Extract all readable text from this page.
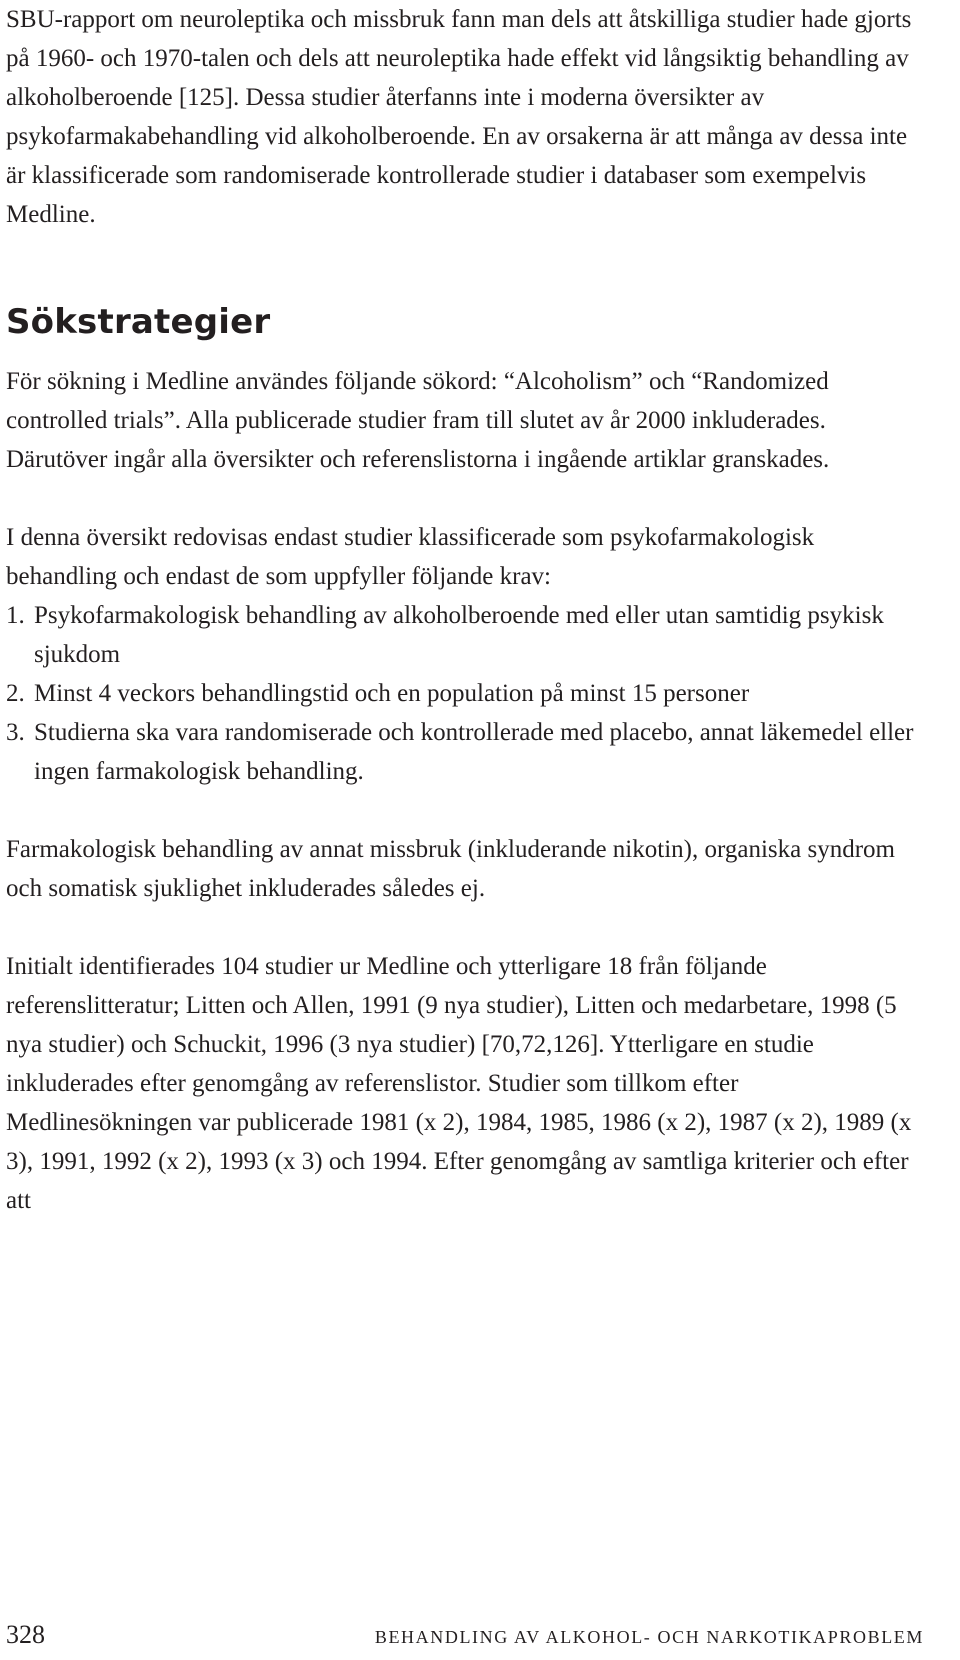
SBU-rapport om neuroleptika och missbruk fann man dels att åtskilliga studier hade gjorts på 1960- och 1970-talen och dels att neuroleptika hade effekt vid långsiktig behandling av alkoholberoende [125]. Dessa studier återfanns inte i moderna översikter av psykofarmakabehandling vid alkoholberoende. En av orsakerna är att många av dessa inte är klassificerade som randomiserade kontrollerade studier i databaser som exempelvis Medline.

Sökstrategier

För sökning i Medline användes följande sökord: “Alcoholism” och “Randomized controlled trials”. Alla publicerade studier fram till slutet av år 2000 inkluderades. Därutöver ingår alla översikter och referenslistorna i ingående artiklar granskades.

I denna översikt redovisas endast studier klassificerade som psykofarmakologisk behandling och endast de som uppfyller följande krav:

1. Psykofarmakologisk behandling av alkoholberoende med eller utan samtidig psykisk sjukdom
2. Minst 4 veckors behandlingstid och en population på minst 15 personer
3. Studierna ska vara randomiserade och kontrollerade med placebo, annat läkemedel eller ingen farmakologisk behandling.

Farmakologisk behandling av annat missbruk (inkluderande nikotin), organiska syndrom och somatisk sjuklighet inkluderades således ej.

Initialt identifierades 104 studier ur Medline och ytterligare 18 från följande referenslitteratur; Litten och Allen, 1991 (9 nya studier), Litten och medarbetare, 1998 (5 nya studier) och Schuckit, 1996 (3 nya studier) [70,72,126]. Ytterligare en studie inkluderades efter genomgång av referenslistor. Studier som tillkom efter Medlinesökningen var publicerade 1981 (x 2), 1984, 1985, 1986 (x 2), 1987 (x 2), 1989 (x 3), 1991, 1992 (x 2), 1993 (x 3) och 1994. Efter genomgång av samtliga kriterier och efter att

328	BEHANDLING AV ALKOHOL- OCH NARKOTIKAPROBLEM
